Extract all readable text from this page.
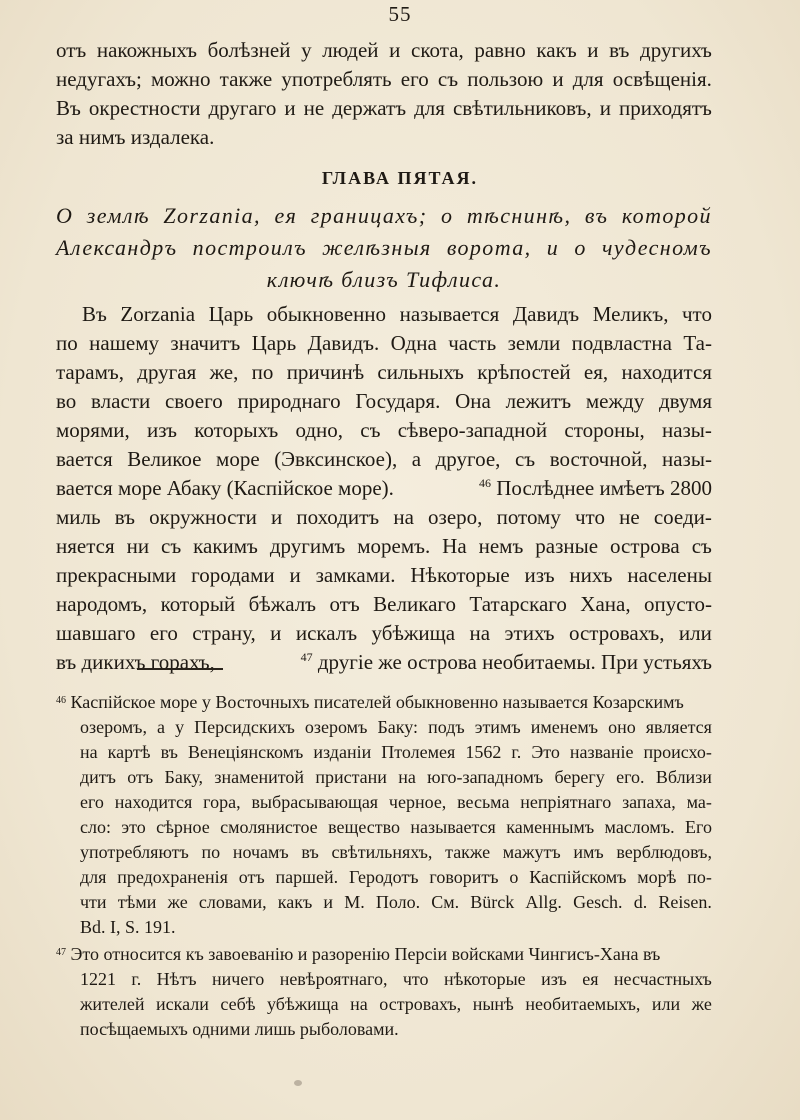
55
отъ накожныхъ болѣзней у людей и скота, равно какъ и въ другихъ
недугахъ; можно также употреблять его съ пользою и для освѣщенія.
Въ окрестности другаго и не держатъ для свѣтильниковъ, и приходятъ
за нимъ издалека.
ГЛАВА ПЯТАЯ.
О землѣ Zorzania, ея границахъ; о тѣснинѣ, въ которой
Александръ построилъ желѣзныя ворота, и о чудесномъ
ключѣ близъ Тифлиса.
Въ Zorzania Царь обыкновенно называется Давидъ Меликъ, что
по нашему значитъ Царь Давидъ. Одна часть земли подвластна Та-
тарамъ, другая же, по причинѣ сильныхъ крѣпостей ея, находится
во власти своего природнаго Государя. Она лежитъ между двумя
морями, изъ которыхъ одно, съ сѣверо-западной стороны, назы-
вается Великое море (Эвксинское), а другое, съ восточной, назы-
вается море Абаку (Каспійское море).	$^{46}$ Послѣднее имѣетъ 2800
миль въ окружности и походитъ на озеро, потому что не соеди-
няется ни съ какимъ другимъ моремъ. На немъ разные острова съ
прекрасными городами и замками. Нѣкоторые изъ нихъ населены
народомъ, который бѣжалъ отъ Великаго Татарскаго Хана, опусто-
шавшаго его страну, и искалъ убѣжища на этихъ островахъ, или
въ дикихъ горахъ,	$^{47}$ другіе же острова необитаемы. При устьяхъ
$^{46}$ Каспійское море у Восточныхъ писателей обыкновенно называется Козарскимъ
озеромъ, а у Персидскихъ озеромъ Баку: подъ этимъ именемъ оно является
на картѣ въ Венеціянскомъ изданіи Птолемея 1562 г. Это названіе происхо-
дитъ отъ Баку, знаменитой пристани на юго-западномъ берегу его. Вблизи
его находится гора, выбрасывающая черное, весьма непріятнаго запаха, ма-
сло: это сѣрное смолянистое вещество называется каменнымъ масломъ. Его
употребляютъ по ночамъ въ свѣтильняхъ, также мажутъ имъ верблюдовъ,
для предохраненія отъ паршей. Геродотъ говоритъ о Каспійскомъ морѣ по-
чти тѣми же словами, какъ и М. Поло. См. Bürck Allg. Gesch. d. Reisen.
Bd. I, S. 191.
$^{47}$ Это относится къ завоеванію и разоренію Персіи войсками Чингисъ-Хана въ
1221 г. Нѣтъ ничего невѣроятнаго, что нѣкоторые изъ ея несчастныхъ
жителей искали себѣ убѣжища на островахъ, нынѣ необитаемыхъ, или же
посѣщаемыхъ одними лишь рыболовами.
